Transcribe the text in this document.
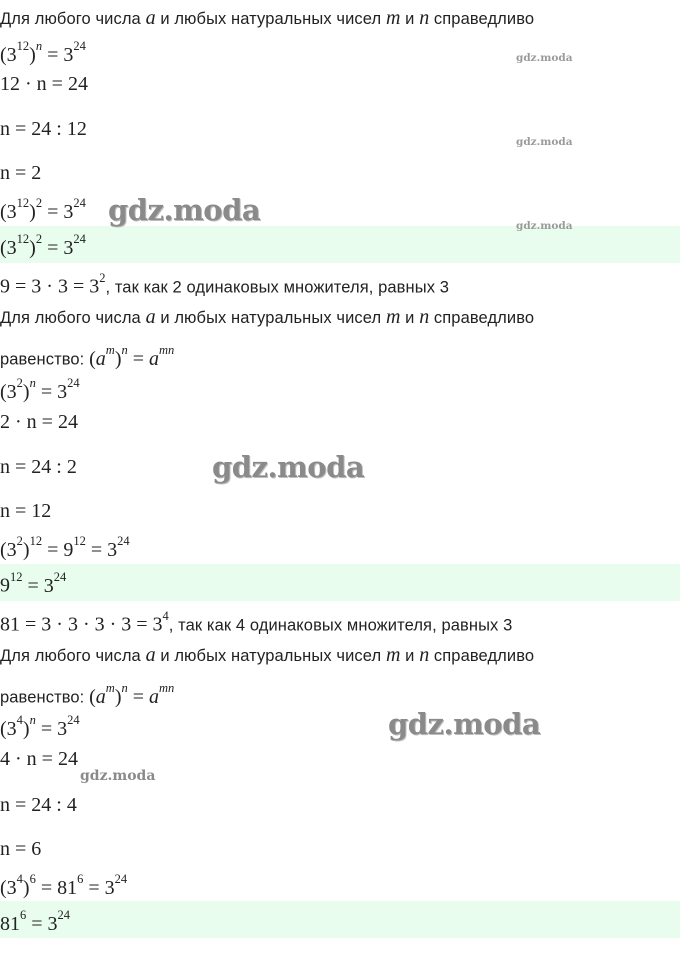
Для любого числа a и любых натуральных чисел m и n справедливо
$(3^{12})^n = 3^{24}$
12 · n = 24
n = 24 : 12
n = 2
$(3^{12})^2 = 3^{24}$
$(3^{12})^2 = 3^{24}$
$9 = 3 \cdot 3 = 3^2$, так как 2 одинаковых множителя, равных 3
Для любого числа a и любых натуральных чисел m и n справедливо
равенство: $(a^m)^n = a^{mn}$
$(3^2)^n = 3^{24}$
2 · n = 24
n = 24 : 2
n = 12
$(3^2)^{12} = 9^{12} = 3^{24}$
$9^{12} = 3^{24}$
$81 = 3 \cdot 3 \cdot 3 \cdot 3 = 3^4$, так как 4 одинаковых множителя, равных 3
Для любого числа a и любых натуральных чисел m и n справедливо
равенство: $(a^m)^n = a^{mn}$
$(3^4)^n = 3^{24}$
4 · n = 24
n = 24 : 4
n = 6
$(3^4)^6 = 81^6 = 3^{24}$
$81^6 = 3^{24}$
gdz.moda
gdz.moda
gdz.moda
gdz.moda
gdz.moda
gdz.moda
gdz.moda
